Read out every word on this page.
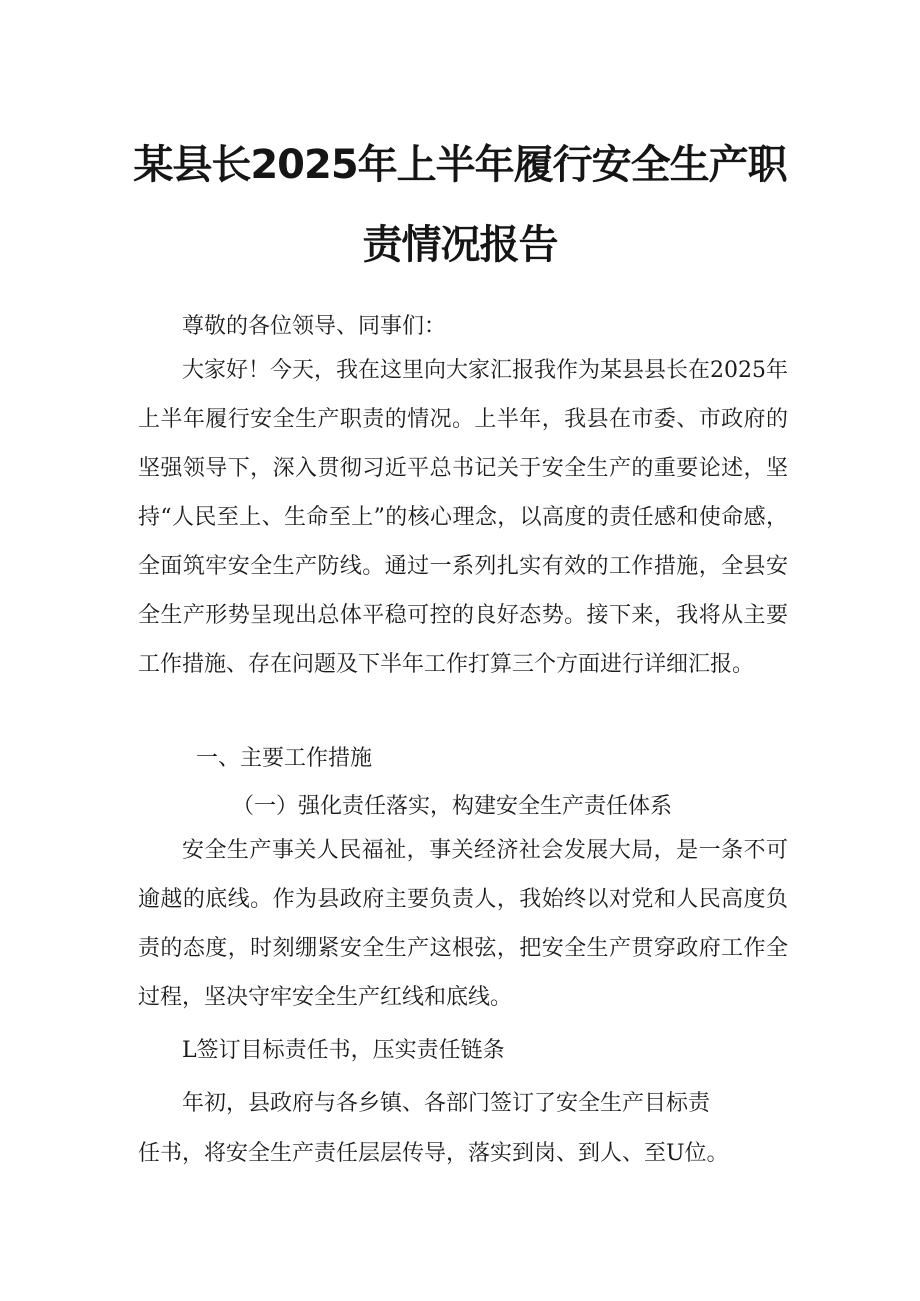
某县长2025年上半年履行安全生产职
责情况报告

尊敬的各位领导、同事们：

大家好！今天，我在这里向大家汇报我作为某县县长在2025年上半年履行安全生产职责的情况。上半年，我县在市委、市政府的坚强领导下，深入贯彻习近平总书记关于安全生产的重要论述，坚持“人民至上、生命至上”的核心理念，以高度的责任感和使命感，全面筑牢安全生产防线。通过一系列扎实有效的工作措施，全县安全生产形势呈现出总体平稳可控的良好态势。接下来，我将从主要工作措施、存在问题及下半年工作打算三个方面进行详细汇报。

一、主要工作措施

（一）强化责任落实，构建安全生产责任体系

安全生产事关人民福祉，事关经济社会发展大局，是一条不可逾越的底线。作为县政府主要负责人，我始终以对党和人民高度负责的态度，时刻绷紧安全生产这根弦，把安全生产贯穿政府工作全过程，坚决守牢安全生产红线和底线。

L签订目标责任书，压实责任链条

年初，县政府与各乡镇、各部门签订了安全生产目标责

任书，将安全生产责任层层传导，落实到岗、到人、至U位。
